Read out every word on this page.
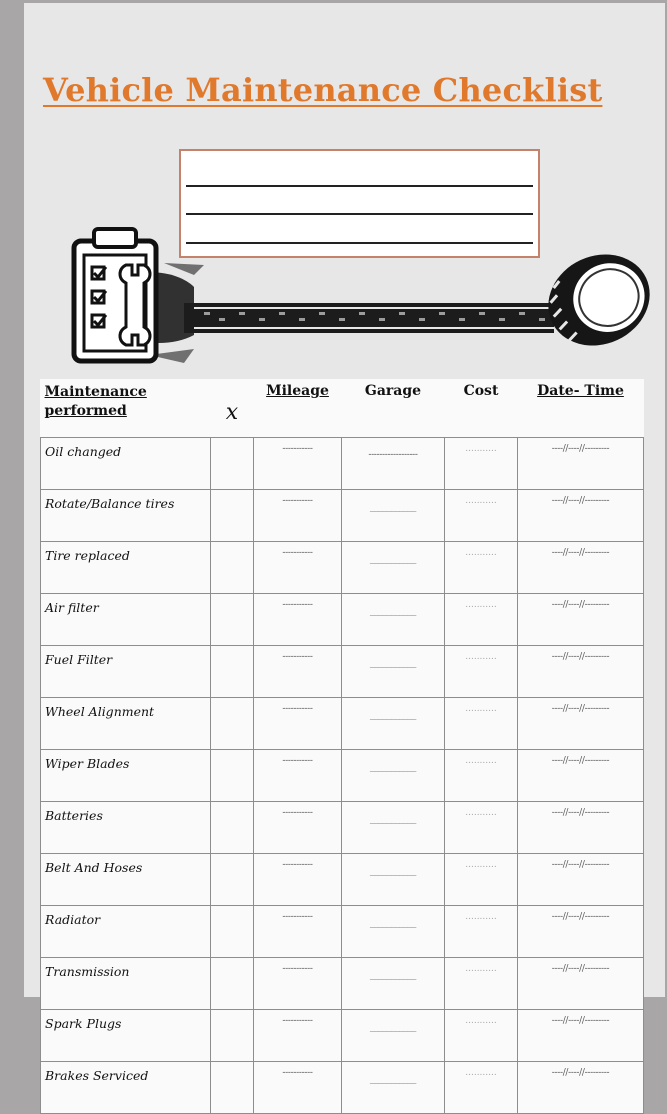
Vehicle Maintenance Checklist
Maintenance performed	x	Mileage	Garage	Cost	Date- Time
Oil changed		-----------	------------------	...........	----//----//---------
Rotate/Balance tires		-----------	___________	...........	----//----//---------
Tire replaced		-----------	___________	...........	----//----//---------
Air filter		-----------	___________	...........	----//----//---------
Fuel Filter		-----------	___________	...........	----//----//---------
Wheel Alignment		-----------	___________	...........	----//----//---------
Wiper Blades		-----------	___________	...........	----//----//---------
Batteries		-----------	___________	...........	----//----//---------
Belt And Hoses		-----------	___________	...........	----//----//---------
Radiator		-----------	___________	...........	----//----//---------
Transmission		-----------	___________	...........	----//----//---------
Spark Plugs		-----------	___________	...........	----//----//---------
Brakes Serviced		-----------	___________	...........	----//----//---------
